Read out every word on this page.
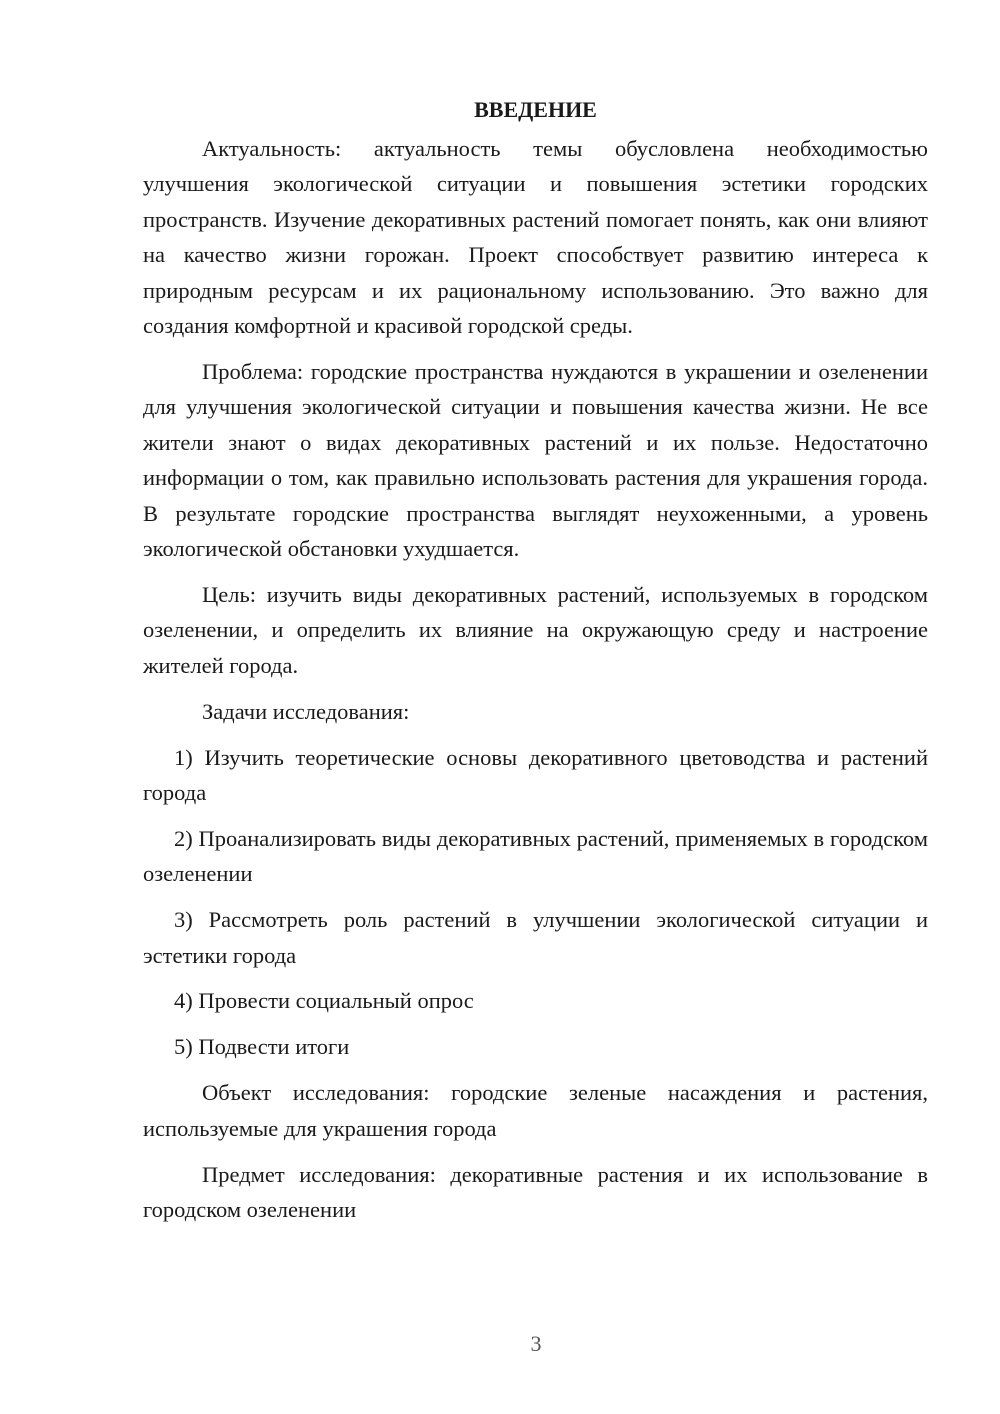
ВВЕДЕНИЕ

Актуальность: актуальность темы обусловлена необходимостью улучшения экологической ситуации и повышения эстетики городских пространств. Изучение декоративных растений помогает понять, как они влияют на качество жизни горожан. Проект способствует развитию интереса к природным ресурсам и их рациональному использованию. Это важно для создания комфортной и красивой городской среды.

Проблема: городские пространства нуждаются в украшении и озеленении для улучшения экологической ситуации и повышения качества жизни. Не все жители знают о видах декоративных растений и их пользе. Недостаточно информации о том, как правильно использовать растения для украшения города. В результате городские пространства выглядят неухоженными, а уровень экологической обстановки ухудшается.

Цель: изучить виды декоративных растений, используемых в городском озеленении, и определить их влияние на окружающую среду и настроение жителей города.

Задачи исследования:

1) Изучить теоретические основы декоративного цветоводства и растений города

2) Проанализировать виды декоративных растений, применяемых в городском озеленении

3) Рассмотреть роль растений в улучшении экологической ситуации и эстетики города

4) Провести социальный опрос

5) Подвести итоги

Объект исследования: городские зеленые насаждения и растения, используемые для украшения города

Предмет исследования: декоративные растения и их использование в городском озеленении

3
